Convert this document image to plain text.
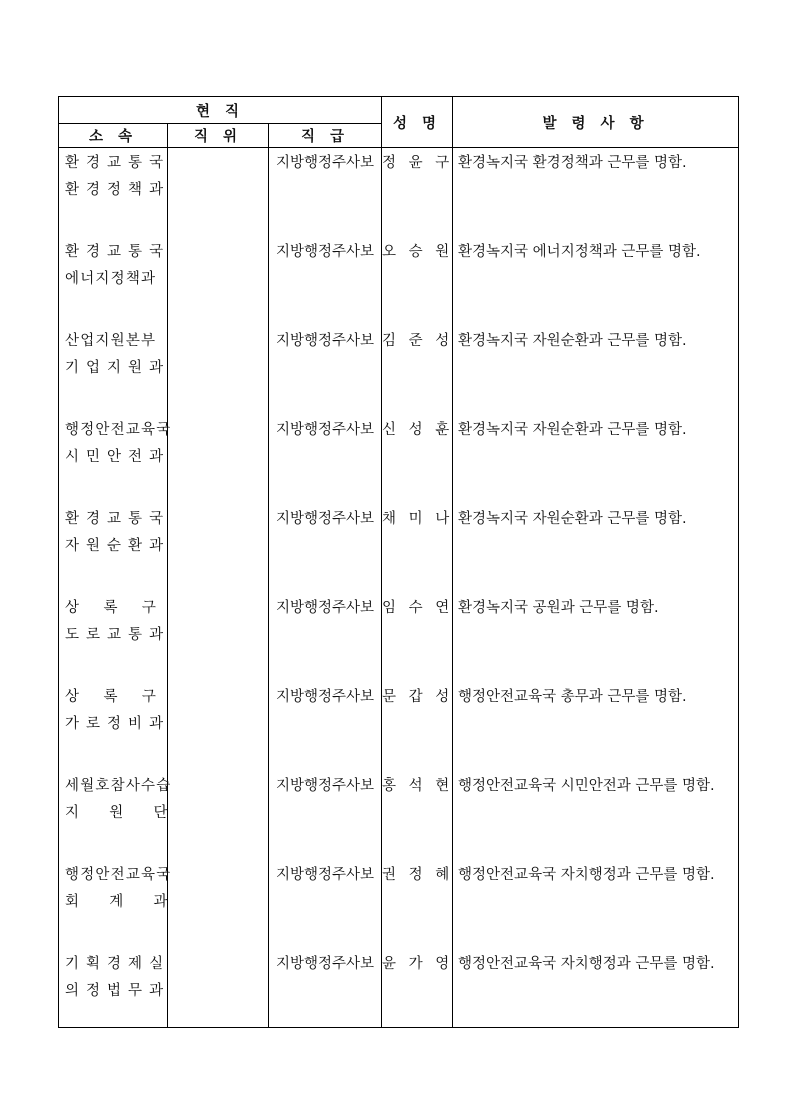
현 직			성 명	발 령 사 항
소 속	직 위	직 급		

환 경 교 통 국
환 경 정 책 과		지방행정주사보	정 윤 구	환경녹지국 환경정책과 근무를 명함.

환 경 교 통 국
에너지정책과		지방행정주사보	오 승 원	환경녹지국 에너지정책과 근무를 명함.

산업지원본부
기 업 지 원 과		지방행정주사보	김 준 성	환경녹지국 자원순환과 근무를 명함.

행정안전교육국
시 민 안 전 과		지방행정주사보	신 성 훈	환경녹지국 자원순환과 근무를 명함.

환 경 교 통 국
자 원 순 환 과		지방행정주사보	채 미 나	환경녹지국 자원순환과 근무를 명함.

상    록    구
도 로 교 통 과		지방행정주사보	임 수 연	환경녹지국 공원과 근무를 명함.

상    록    구
가 로 정 비 과		지방행정주사보	문 갑 성	행정안전교육국 총무과 근무를 명함.

세월호참사수습
지     원     단		지방행정주사보	홍 석 현	행정안전교육국 시민안전과 근무를 명함.

행정안전교육국
회     계     과		지방행정주사보	권 정 혜	행정안전교육국 자치행정과 근무를 명함.

기 획 경 제 실
의 정 법 무 과		지방행정주사보	윤 가 영	행정안전교육국 자치행정과 근무를 명함.
